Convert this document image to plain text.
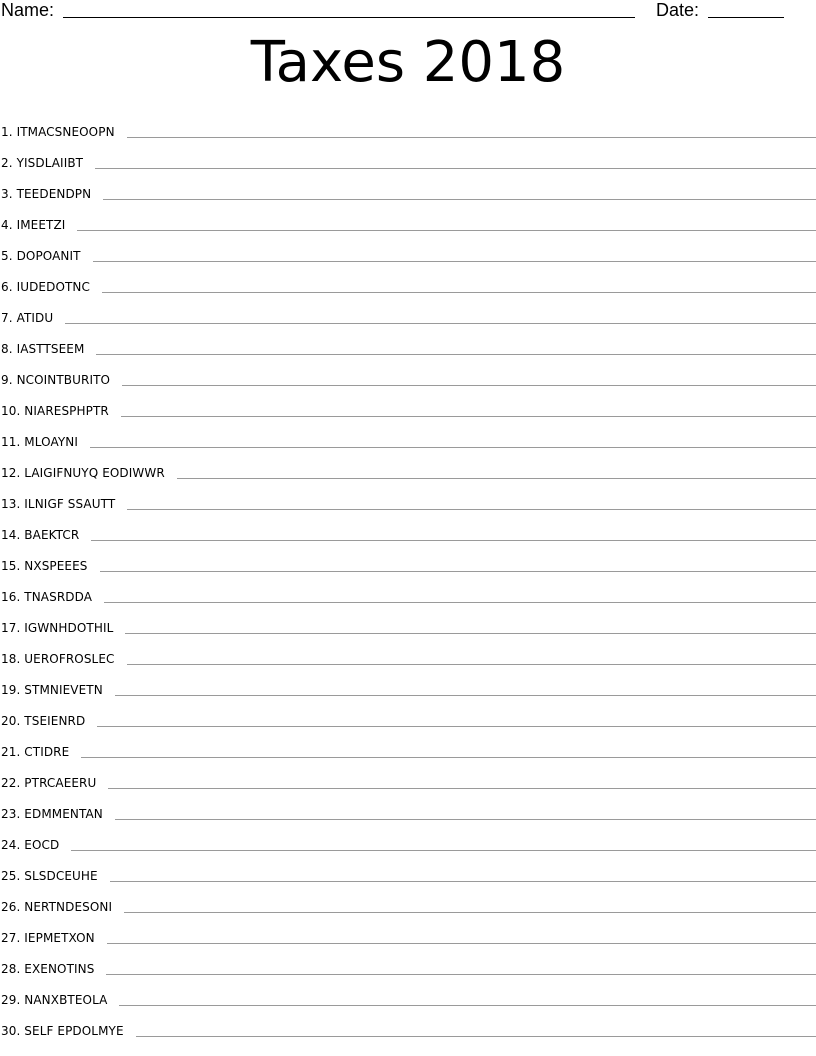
Name:	Date:
Taxes 2018
1. ITMACSNEOOPN
2. YISDLAIIBT
3. TEEDENDPN
4. IMEETZI
5. DOPOANIT
6. IUDEDOTNC
7. ATIDU
8. IASTTSEEM
9. NCOINTBURITO
10. NIARESPHPTR
11. MLOAYNI
12. LAIGIFNUYQ EODIWWR
13. ILNIGF SSAUTT
14. BAEKTCR
15. NXSPEEES
16. TNASRDDA
17. IGWNHDOTHIL
18. UEROFROSLEC
19. STMNIEVETN
20. TSEIENRD
21. CTIDRE
22. PTRCAEERU
23. EDMMENTAN
24. EOCD
25. SLSDCEUHE
26. NERTNDESONI
27. IEPMETXON
28. EXENOTINS
29. NANXBTEOLA
30. SELF EPDOLMYE
